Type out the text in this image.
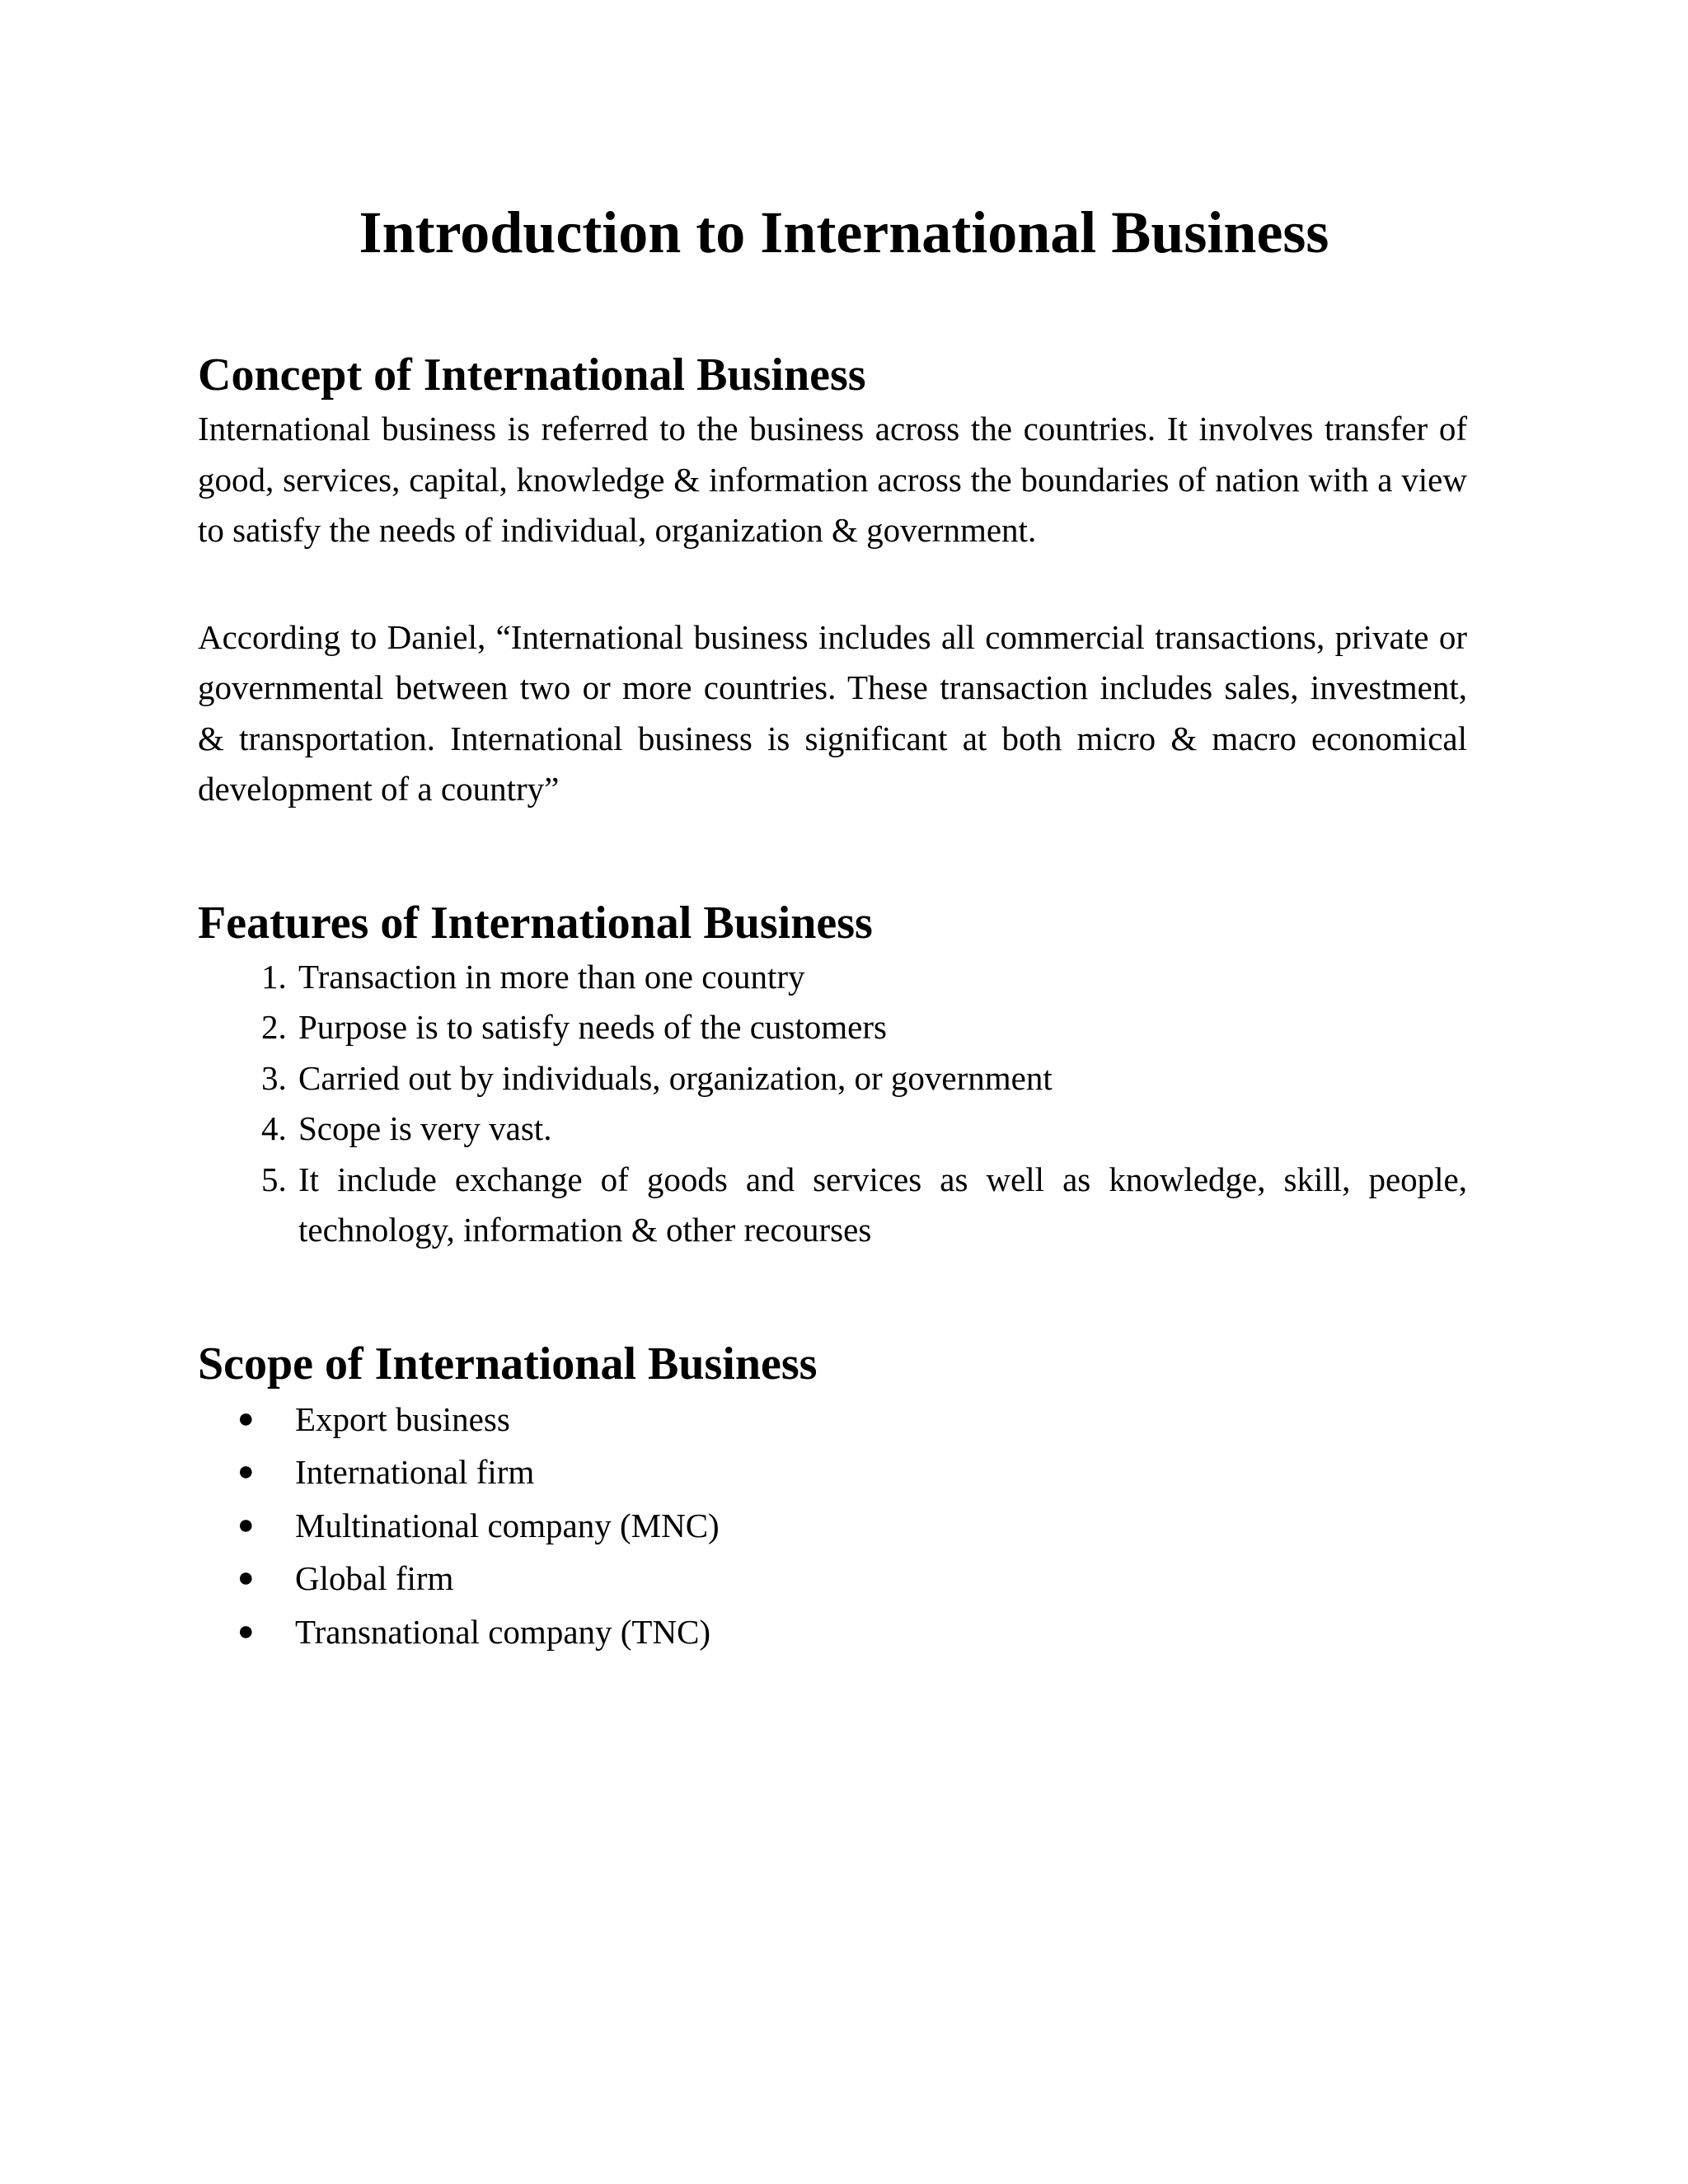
Introduction to International Business
Concept of International Business

International business is referred to the business across the countries. It involves transfer of good, services, capital, knowledge & information across the boundaries of nation with a view to satisfy the needs of individual, organization & government.

According to Daniel, “International business includes all commercial transactions, private or governmental between two or more countries. These transaction includes sales, investment, & transportation. International business is significant at both micro & macro economical development of a country”

Features of International Business
1. Transaction in more than one country
2. Purpose is to satisfy needs of the customers
3. Carried out by individuals, organization, or government
4. Scope is very vast.
5. It include exchange of goods and services as well as knowledge, skill, people, technology, information & other recourses
Scope of International Business
● Export business
● International firm
● Multinational company (MNC)
● Global firm
● Transnational company (TNC)
